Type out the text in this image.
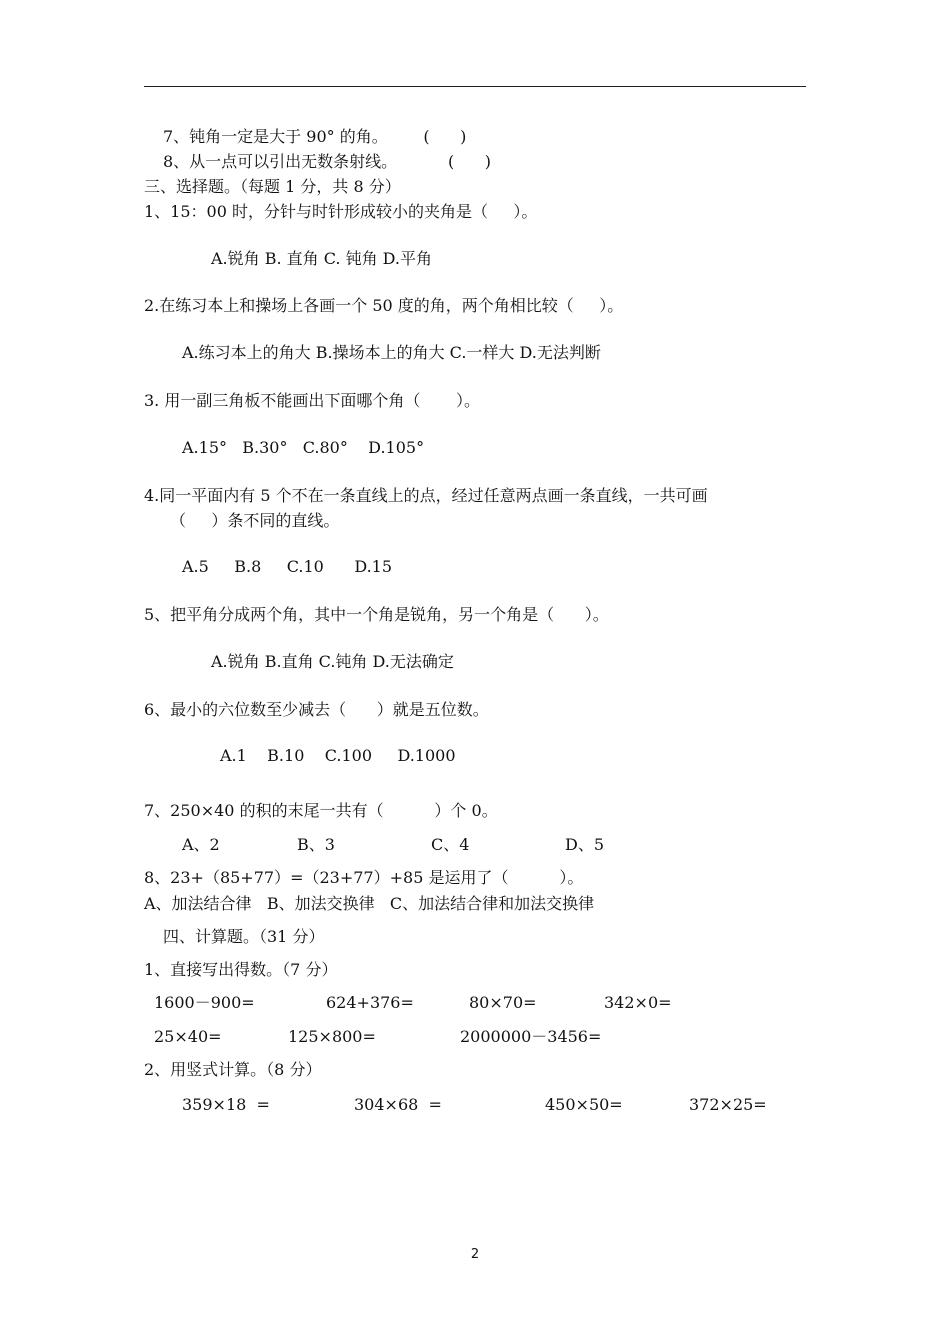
7、钝角一定是大于 90° 的角。       (      )
8、从一点可以引出无数条射线。          (      )
三、选择题。（每题 1 分，共 8 分）
1、15：00 时，分针与时针形成较小的夹角是（     ）。
A.锐角 B. 直角 C. 钝角 D.平角
2.在练习本上和操场上各画一个 50 度的角，两个角相比较（     ）。
A.练习本上的角大 B.操场本上的角大 C.一样大 D.无法判断
3. 用一副三角板不能画出下面哪个角（       ）。
A.15°   B.30°   C.80°    D.105°
4.同一平面内有 5 个不在一条直线上的点，经过任意两点画一条直线，一共可画
（     ）条不同的直线。
A.5     B.8     C.10      D.15
5、把平角分成两个角，其中一个角是锐角，另一个角是（      ）。
A.锐角 B.直角 C.钝角 D.无法确定
6、最小的六位数至少减去（      ）就是五位数。
A.1    B.10    C.100     D.1000
7、250×40 的积的末尾一共有（          ）个 0。
A、2	B、3	C、4	D、5
8、23+（85+77）=（23+77）+85 是运用了（          ）。
A、加法结合律   B、加法交换律   C、加法结合律和加法交换律
四、计算题。（31 分）
1、直接写出得数。（7 分）
1600－900=	624+376=	80×70=	342×0=
25×40=	125×800=	2000000－3456=
2、用竖式计算。（8 分）
359×18  =	304×68  =	450×50=	372×25=
2
